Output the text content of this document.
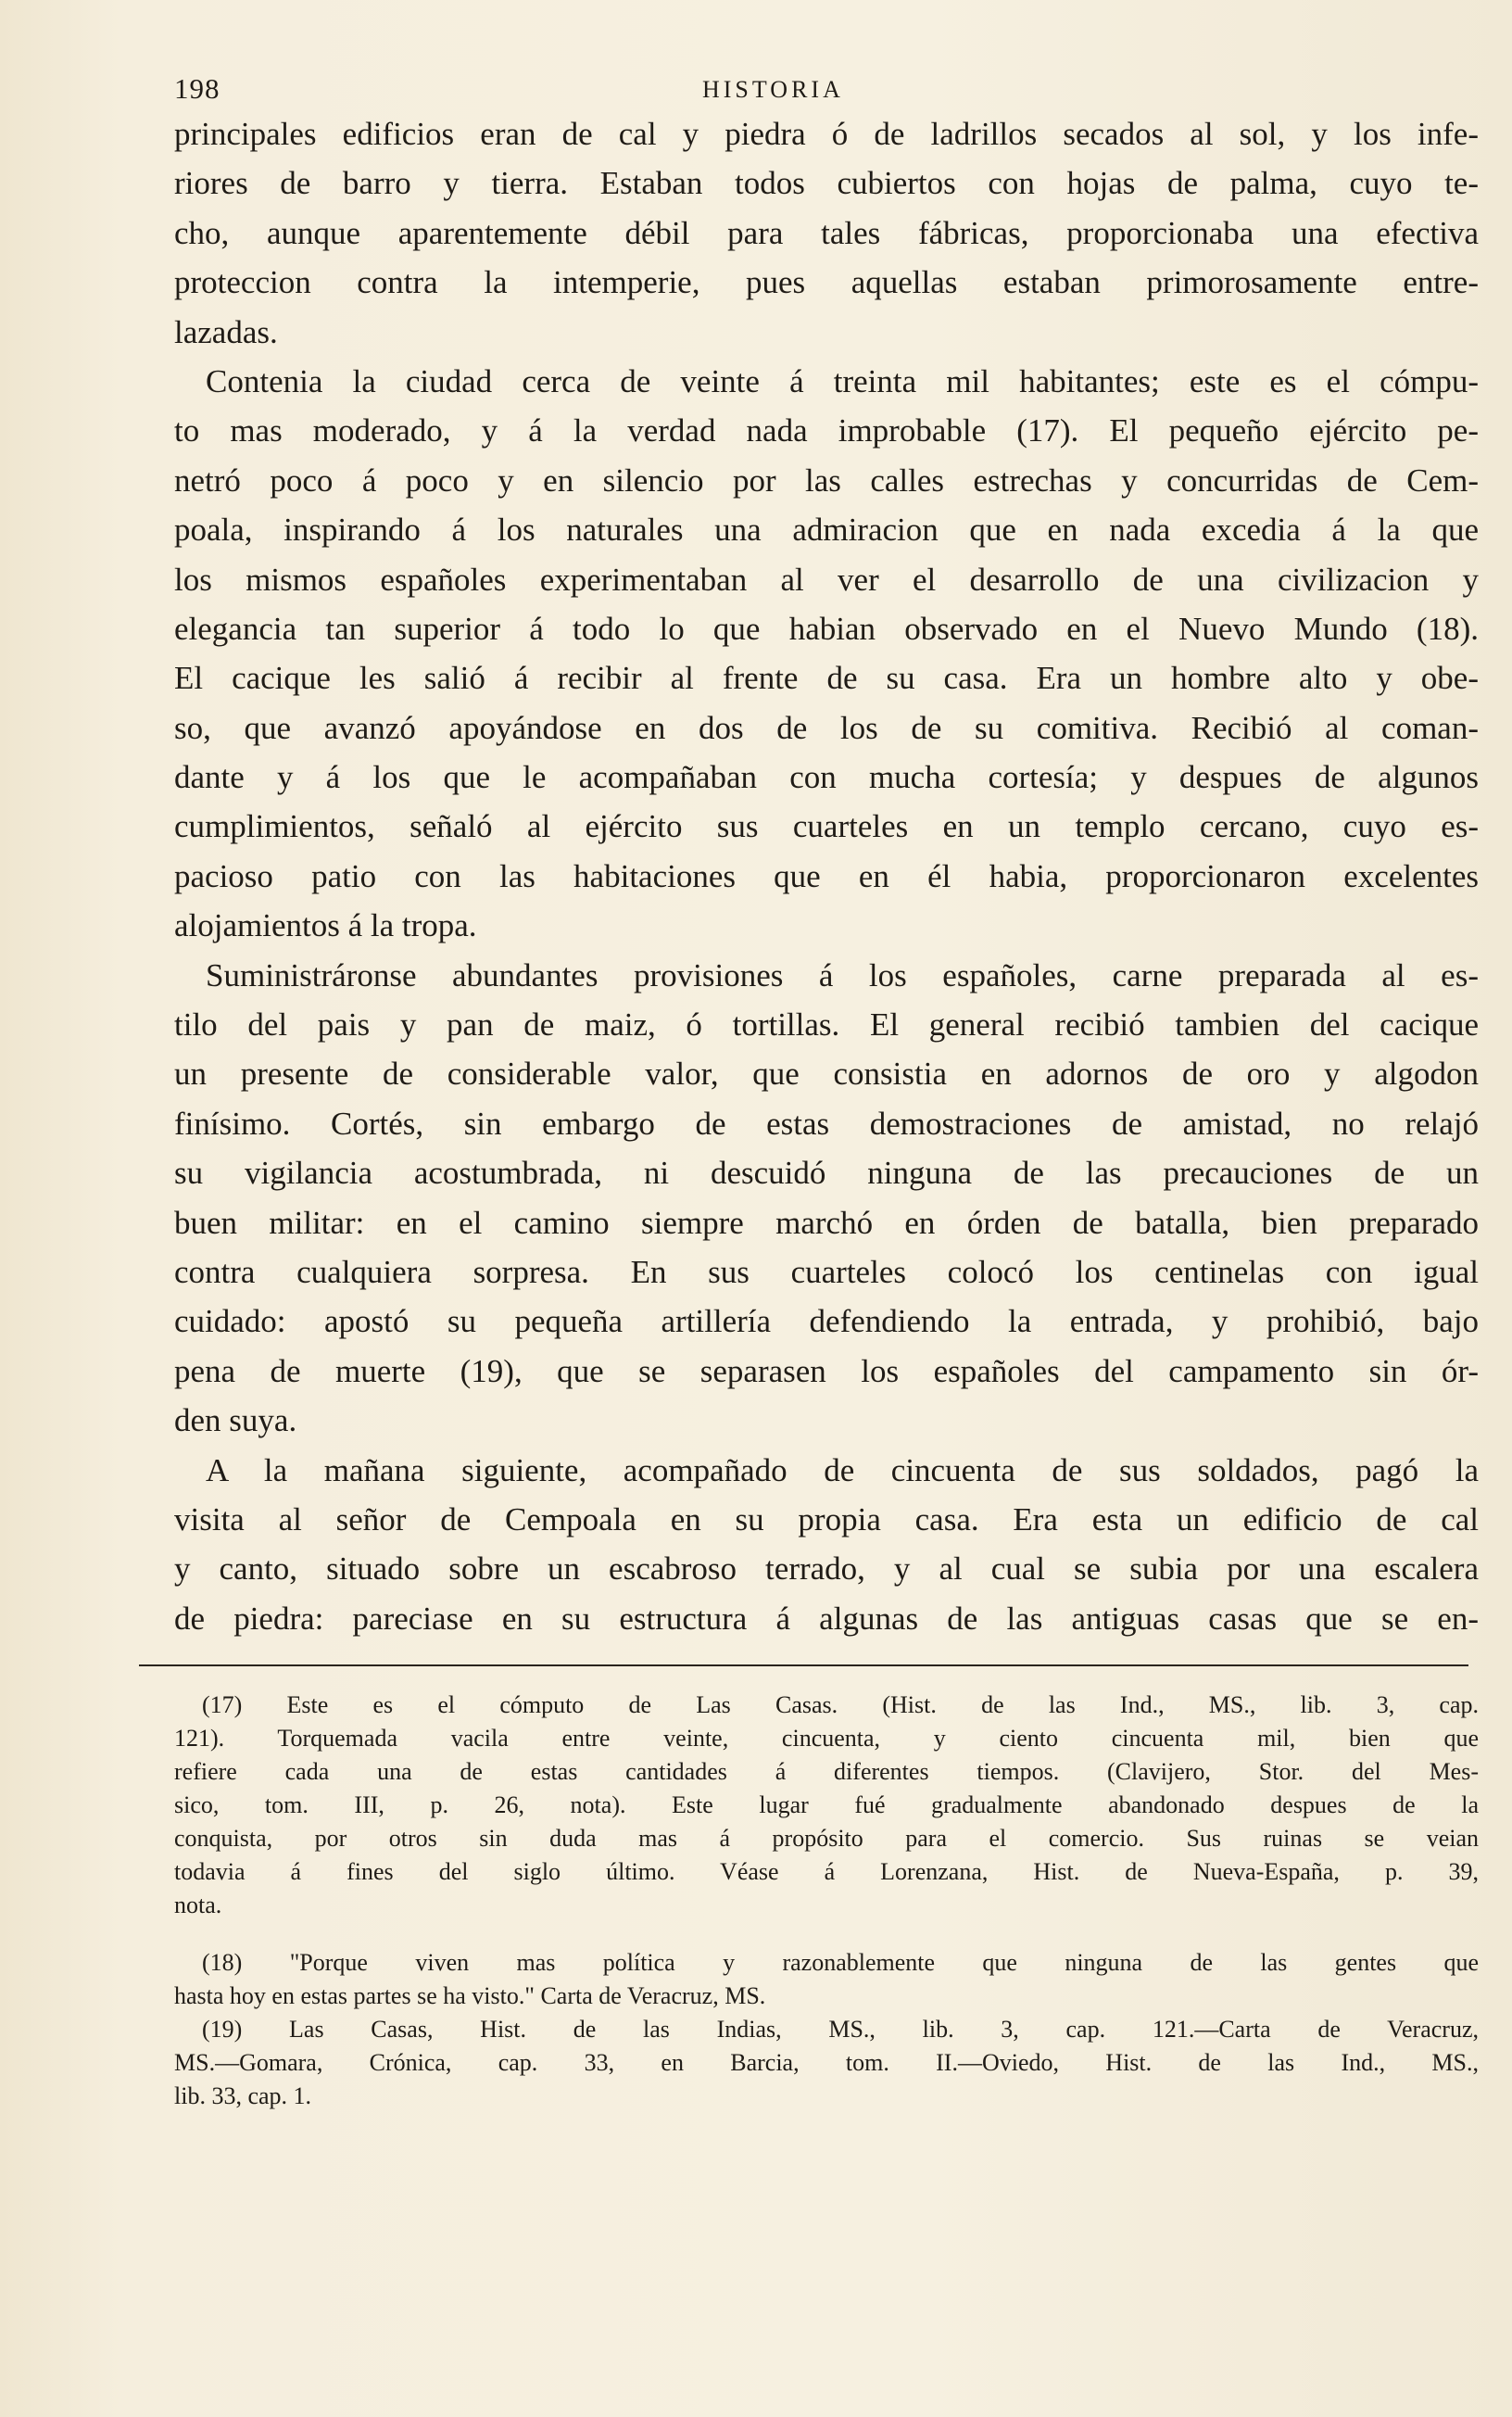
198	HISTORIA
principales edificios eran de cal y piedra ó de ladrillos secados al sol, y los infe-
riores de barro y tierra. Estaban todos cubiertos con hojas de palma, cuyo te-
cho, aunque aparentemente débil para tales fábricas, proporcionaba una efectiva
proteccion contra la intemperie, pues aquellas estaban primorosamente entre-
lazadas.
Contenia la ciudad cerca de veinte á treinta mil habitantes; este es el cómpu-
to mas moderado, y á la verdad nada improbable (17). El pequeño ejército pe-
netró poco á poco y en silencio por las calles estrechas y concurridas de Cem-
poala, inspirando á los naturales una admiracion que en nada excedia á la que
los mismos españoles experimentaban al ver el desarrollo de una civilizacion y
elegancia tan superior á todo lo que habian observado en el Nuevo Mundo (18).
El cacique les salió á recibir al frente de su casa. Era un hombre alto y obe-
so, que avanzó apoyándose en dos de los de su comitiva. Recibió al coman-
dante y á los que le acompañaban con mucha cortesía; y despues de algunos
cumplimientos, señaló al ejército sus cuarteles en un templo cercano, cuyo es-
pacioso patio con las habitaciones que en él habia, proporcionaron excelentes
alojamientos á la tropa.
Suministráronse abundantes provisiones á los españoles, carne preparada al es-
tilo del pais y pan de maiz, ó tortillas. El general recibió tambien del cacique
un presente de considerable valor, que consistia en adornos de oro y algodon
finísimo. Cortés, sin embargo de estas demostraciones de amistad, no relajó
su vigilancia acostumbrada, ni descuidó ninguna de las precauciones de un
buen militar: en el camino siempre marchó en órden de batalla, bien preparado
contra cualquiera sorpresa. En sus cuarteles colocó los centinelas con igual
cuidado: apostó su pequeña artillería defendiendo la entrada, y prohibió, bajo
pena de muerte (19), que se separasen los españoles del campamento sin ór-
den suya.
A la mañana siguiente, acompañado de cincuenta de sus soldados, pagó la
visita al señor de Cempoala en su propia casa. Era esta un edificio de cal
y canto, situado sobre un escabroso terrado, y al cual se subia por una escalera
de piedra: pareciase en su estructura á algunas de las antiguas casas que se en-
(17) Este es el cómputo de Las Casas. (Hist. de las Ind., MS., lib. 3, cap.
121). Torquemada vacila entre veinte, cincuenta, y ciento cincuenta mil, bien que
refiere cada una de estas cantidades á diferentes tiempos. (Clavijero, Stor. del Mes-
sico, tom. III, p. 26, nota). Este lugar fué gradualmente abandonado despues de la
conquista, por otros sin duda mas á propósito para el comercio. Sus ruinas se veian
todavia á fines del siglo último. Véase á Lorenzana, Hist. de Nueva-España, p. 39,
nota.
(18) "Porque viven mas política y razonablemente que ninguna de las gentes que
hasta hoy en estas partes se ha visto." Carta de Veracruz, MS.
(19) Las Casas, Hist. de las Indias, MS., lib. 3, cap. 121.—Carta de Veracruz,
MS.—Gomara, Crónica, cap. 33, en Barcia, tom. II.—Oviedo, Hist. de las Ind., MS.,
lib. 33, cap. 1.
